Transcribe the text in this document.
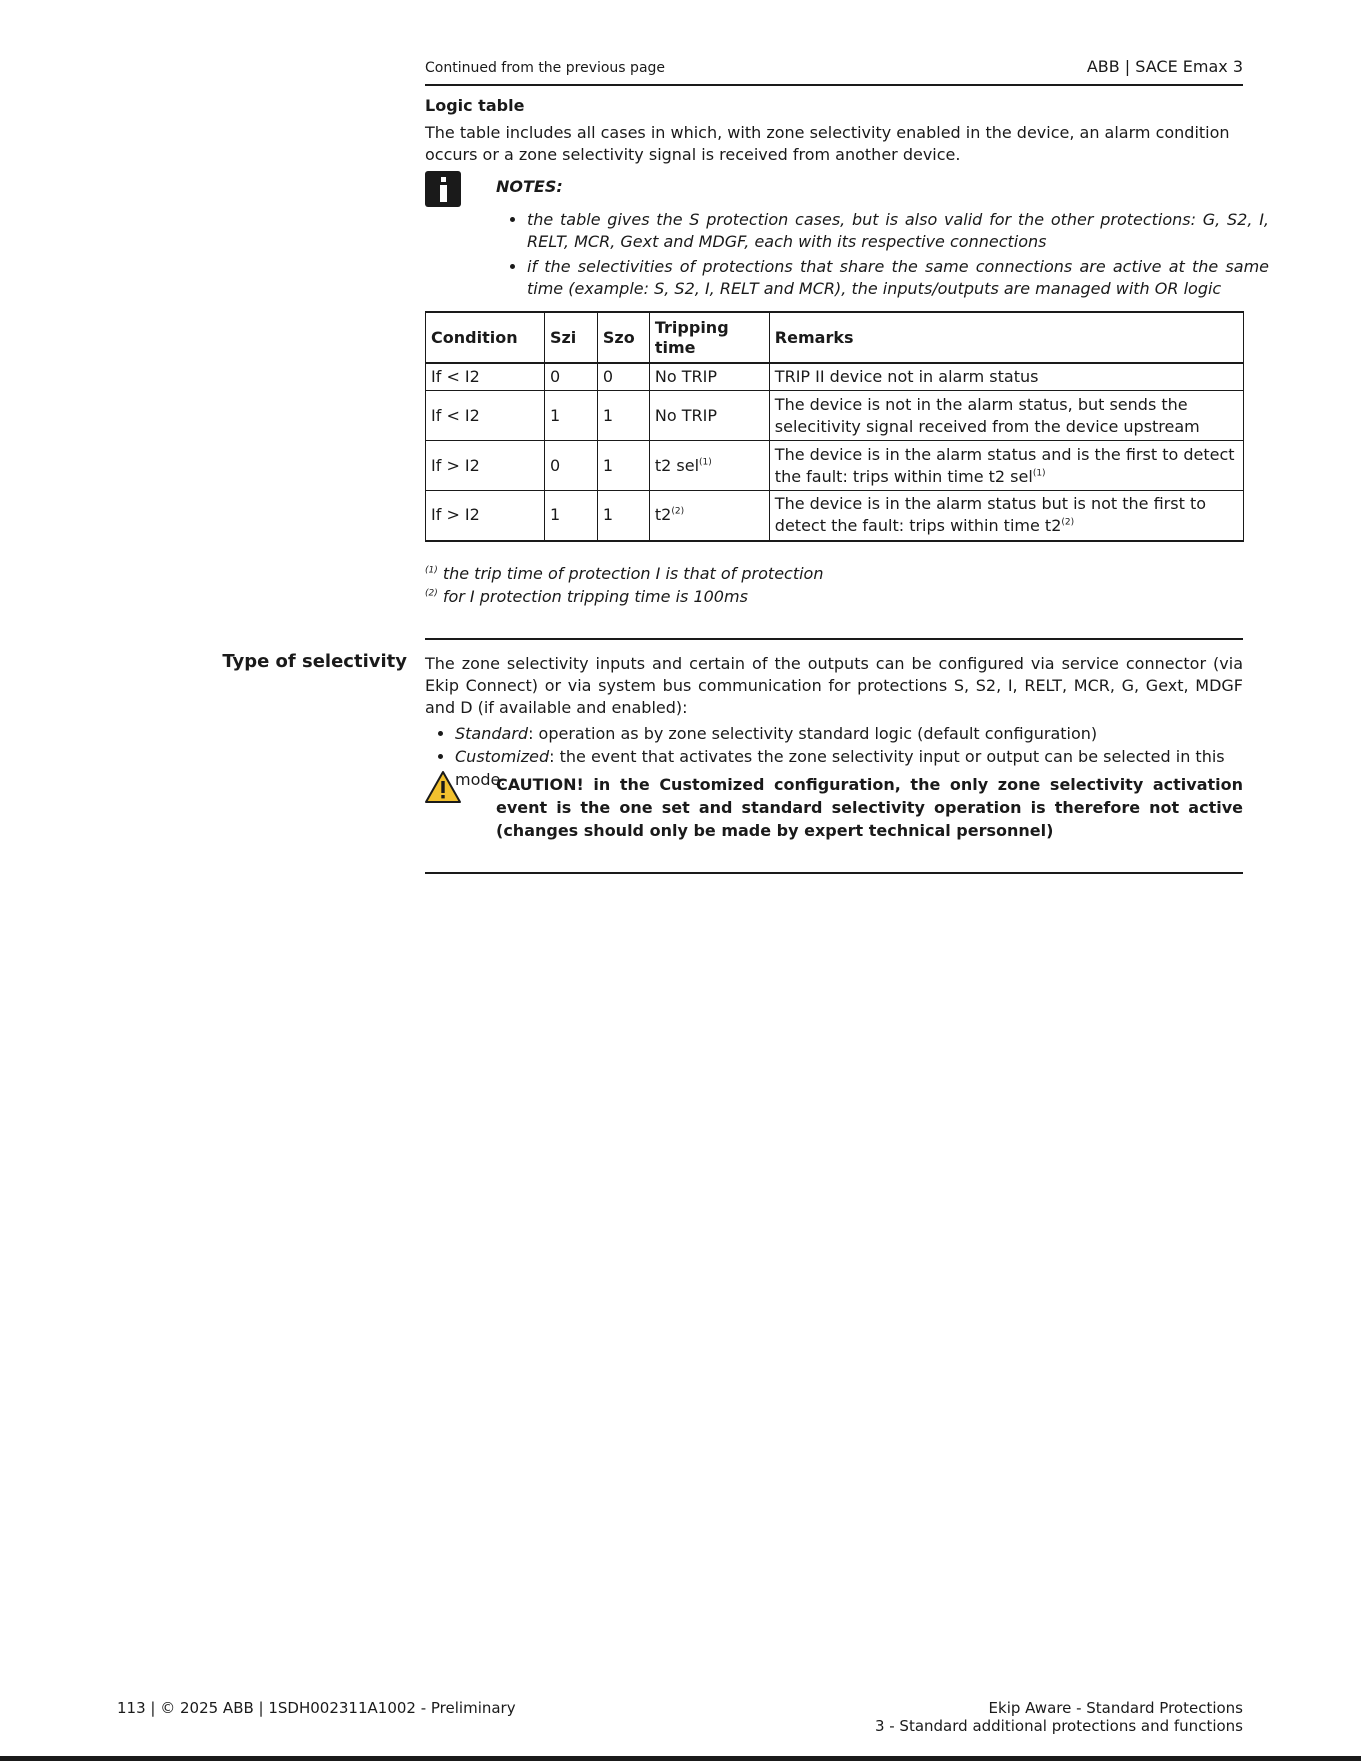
Continued from the previous page	ABB | SACE Emax 3
Logic table
The table includes all cases in which, with zone selectivity enabled in the device, an alarm condition occurs or a zone selectivity signal is received from another device.
NOTES:
• the table gives the S protection cases, but is also valid for the other protections: G, S2, I, RELT, MCR, Gext and MDGF, each with its respective connections
• if the selectivities of protections that share the same connections are active at the same time (example: S, S2, I, RELT and MCR), the inputs/outputs are managed with OR logic
Condition	Szi	Szo	Tripping time	Remarks
If < I2	0	0	No TRIP	TRIP II device not in alarm status
If < I2	1	1	No TRIP	The device is not in the alarm status, but sends the selecitivity signal received from the device upstream
If > I2	0	1	t2 sel$^{(1)}$	The device is in the alarm status and is the first to detect the fault: trips within time t2 sel$^{(1)}$
If > I2	1	1	t2$^{(2)}$	The device is in the alarm status but is not the first to detect the fault: trips within time t2$^{(2)}$
$^{(1)}$ the trip time of protection I is that of protection
$^{(2)}$ for I protection tripping time is 100ms
Type of selectivity The zone selectivity inputs and certain of the outputs can be configured via service connector (via Ekip Connect) or via system bus communication for protections S, S2, I, RELT, MCR, G, Gext, MDGF and D (if available and enabled):
• Standard: operation as by zone selectivity standard logic (default configuration)
• Customized: the event that activates the zone selectivity input or output can be selected in this mode.
CAUTION! in the Customized configuration, the only zone selectivity activation event is the one set and standard selectivity operation is therefore not active (changes should only be made by expert technical personnel)
113 | © 2025 ABB | 1SDH002311A1002 - Preliminary	Ekip Aware - Standard Protections
3 - Standard additional protections and functions
